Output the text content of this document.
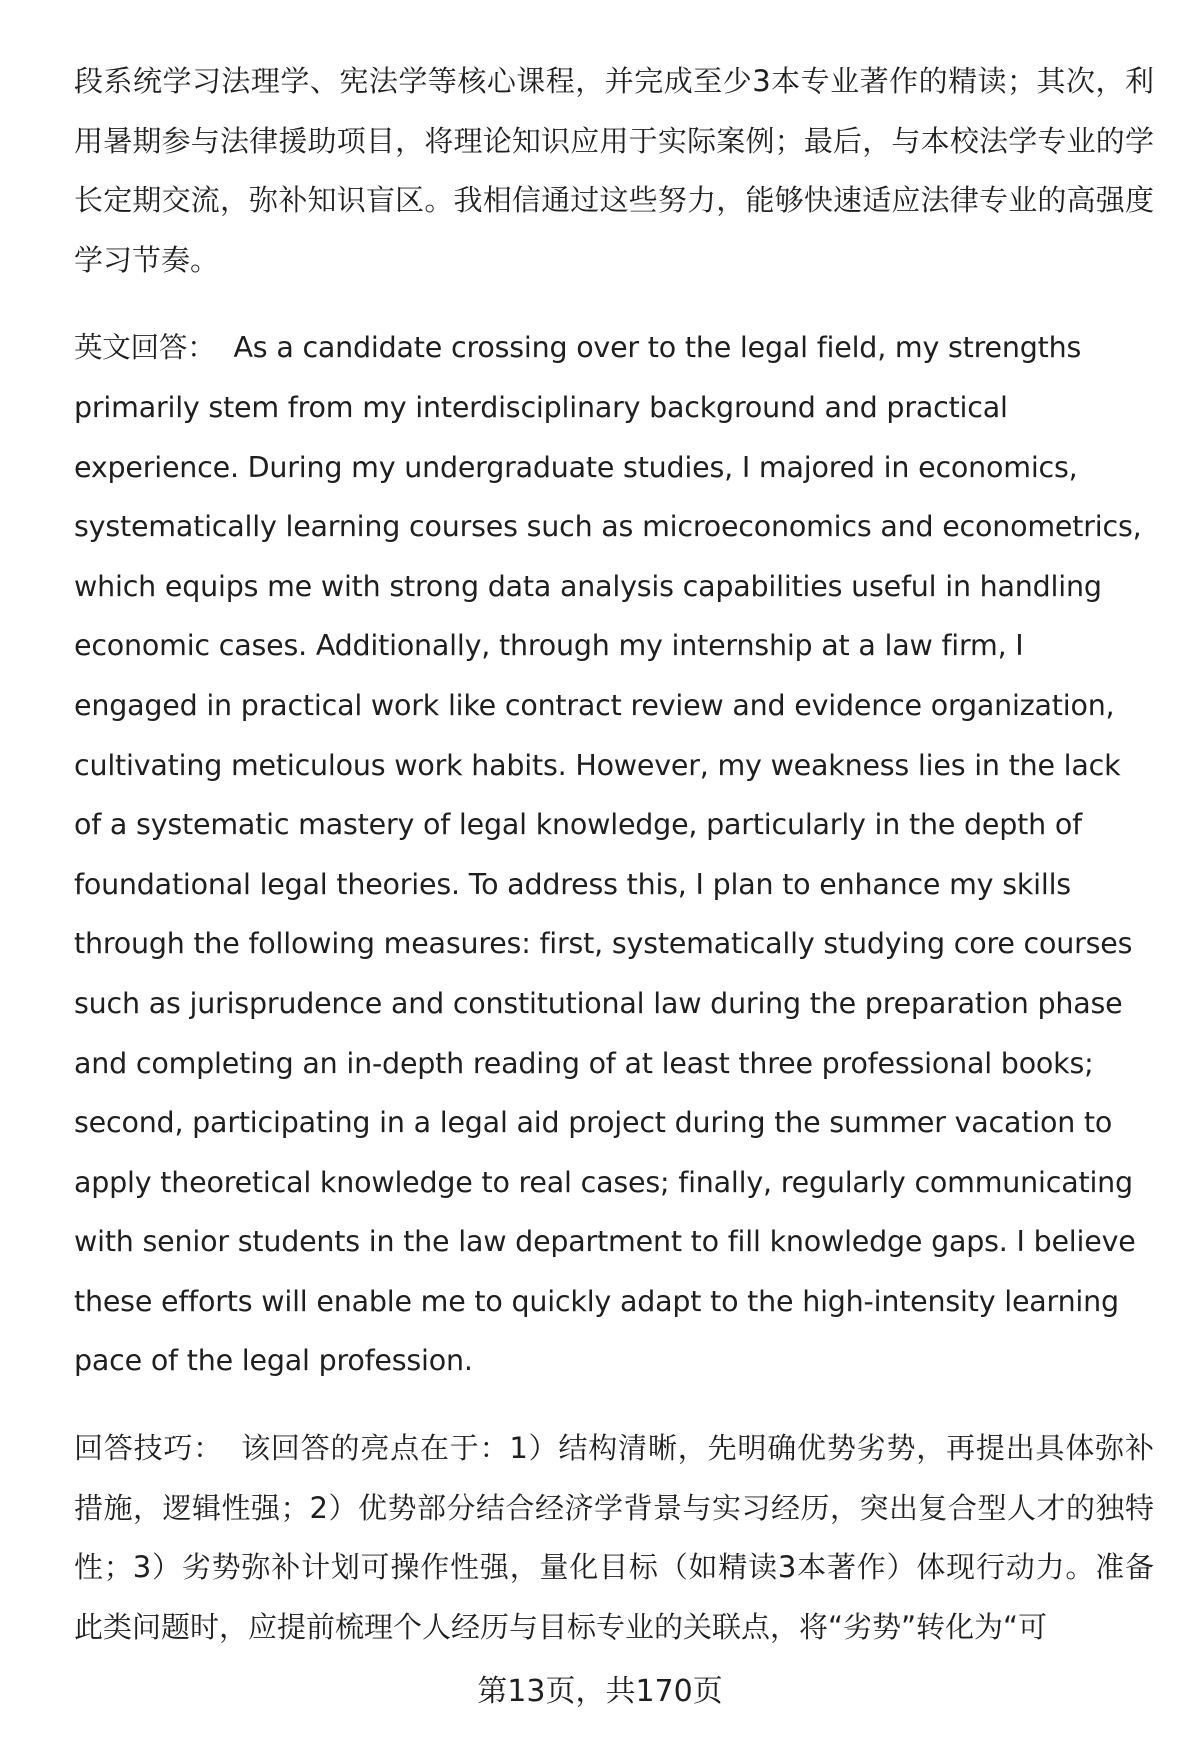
段系统学习法理学、宪法学等核心课程，并完成至少3本专业著作的精读；其次，利用暑期参与法律援助项目，将理论知识应用于实际案例；最后，与本校法学专业的学长定期交流，弥补知识盲区。我相信通过这些努力，能够快速适应法律专业的高强度学习节奏。

英文回答： As a candidate crossing over to the legal field, my strengths primarily stem from my interdisciplinary background and practical experience. During my undergraduate studies, I majored in economics, systematically learning courses such as microeconomics and econometrics, which equips me with strong data analysis capabilities useful in handling economic cases. Additionally, through my internship at a law firm, I engaged in practical work like contract review and evidence organization, cultivating meticulous work habits. However, my weakness lies in the lack of a systematic mastery of legal knowledge, particularly in the depth of foundational legal theories. To address this, I plan to enhance my skills through the following measures: first, systematically studying core courses such as jurisprudence and constitutional law during the preparation phase and completing an in-depth reading of at least three professional books; second, participating in a legal aid project during the summer vacation to apply theoretical knowledge to real cases; finally, regularly communicating with senior students in the law department to fill knowledge gaps. I believe these efforts will enable me to quickly adapt to the high-intensity learning pace of the legal profession.

回答技巧： 该回答的亮点在于：1）结构清晰，先明确优势劣势，再提出具体弥补措施，逻辑性强；2）优势部分结合经济学背景与实习经历，突出复合型人才的独特性；3）劣势弥补计划可操作性强，量化目标（如精读3本著作）体现行动力。准备此类问题时，应提前梳理个人经历与目标专业的关联点，将“劣势”转化为“可

第13页，共170页
